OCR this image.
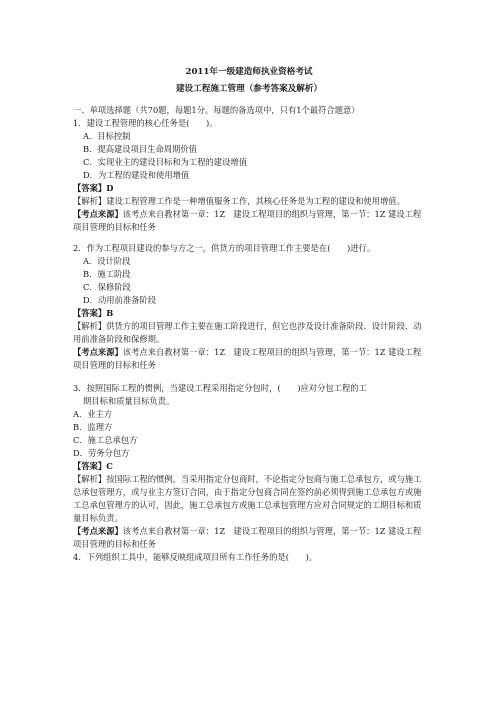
2011年一级建造师执业资格考试
建设工程施工管理（参考答案及解析）
一、单项选择题（共70题，每题1分。每题的备选项中，只有1个最符合题意）
1．建设工程管理的核心任务是(　　)。
A．目标控制
B．提高建设项目生命周期价值
C．实现业主的建设目标和为工程的建设增值
D．为工程的建设和使用增值
【答案】D
【解析】建设工程管理工作是一种增值服务工作，其核心任务是为工程的建设和使用增值。
【考点来源】该考点来自教材第一章：1Z　建设工程项目的组织与管理，第一节：1Z 建设工程项目管理的目标和任务
2．作为工程项目建设的参与方之一，供货方的项目管理工作主要是在(　　)进行。
A．设计阶段
B．施工阶段
C．保修阶段
D．动用前准备阶段
【答案】B
【解析】供货方的项目管理工作主要在施工阶段进行，但它也涉及设计准备阶段、设计阶段、动用前准备阶段和保修期。
【考点来源】该考点来自教材第一章：1Z　建设工程项目的组织与管理，第一节：1Z 建设工程项目管理的目标和任务
3．按照国际工程的惯例，当建设工程采用指定分包时，(　　)应对分包工程的工
期目标和质量目标负责。
A．业主方
B．监理方
C．施工总承包方
D．劳务分包方
【答案】C
【解析】按国际工程的惯例，当采用指定分包商时，不论指定分包商与施工总承包方，或与施工总承包管理方，或与业主方签订合同，由于指定分包商合同在签约前必须得到施工总承包方或施工总承包管理方的认可，因此，施工总承包方或施工总承包管理方应对合同规定的工期目标和质量目标负责。
【考点来源】该考点来自教材第一章：1Z　建设工程项目的组织与管理，第一节：1Z 建设工程项目管理的目标和任务
4．下列组织工具中，能够反映组成项目所有工作任务的是(　　)。
